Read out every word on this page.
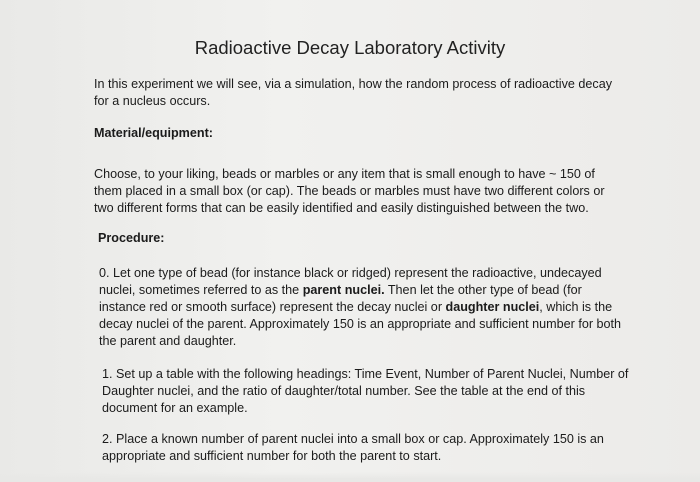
Radioactive Decay Laboratory Activity
In this experiment we will see, via a simulation, how the random process of radioactive decay
for a nucleus occurs.
Material/equipment:
Choose, to your liking, beads or marbles or any item that is small enough to have ~ 150 of
them placed in a small box (or cap). The beads or marbles must have two different colors or
two different forms that can be easily identified and easily distinguished between the two.
Procedure:
0. Let one type of bead (for instance black or ridged) represent the radioactive, undecayed
nuclei, sometimes referred to as the parent nuclei. Then let the other type of bead (for
instance red or smooth surface) represent the decay nuclei or daughter nuclei, which is the
decay nuclei of the parent. Approximately 150 is an appropriate and sufficient number for both
the parent and daughter.
1. Set up a table with the following headings: Time Event, Number of Parent Nuclei, Number of
Daughter nuclei, and the ratio of daughter/total number. See the table at the end of this
document for an example.
2. Place a known number of parent nuclei into a small box or cap. Approximately 150 is an
appropriate and sufficient number for both the parent to start.
